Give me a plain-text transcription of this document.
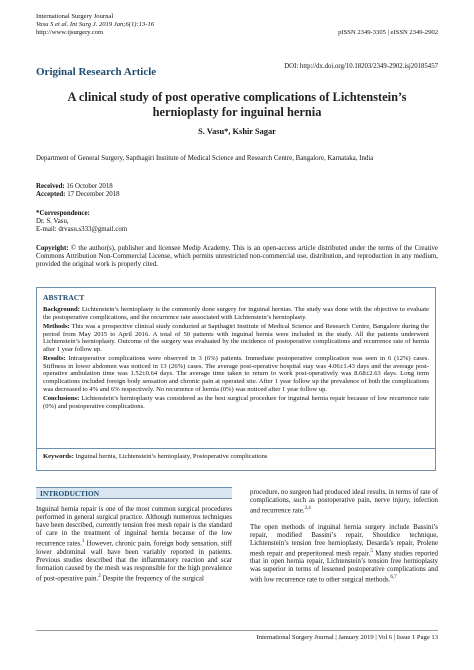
International Surgery Journal
Vasu S et al. Int Surg J. 2019 Jan;6(1):13-16
http://www.ijsurgery.com	pISSN 2349-3305 | eISSN 2349-2902
DOI: http://dx.doi.org/10.18203/2349-2902.isj20185457
Original Research Article
A clinical study of post operative complications of Lichtenstein’s hernioplasty for inguinal hernia
S. Vasu*, Kshir Sagar
Department of General Surgery, Sapthagiri Institute of Medical Science and Research Centre, Bangalore, Karnataka, India
Received: 16 October 2018
Accepted: 17 December 2018
*Correspondence:
Dr. S. Vasu,
E-mail: drvasu.s333@gmail.com
Copyright: © the author(s), publisher and licensee Medip Academy. This is an open-access article distributed under the terms of the Creative Commons Attribution Non-Commercial License, which permits unrestricted non-commercial use, distribution, and reproduction in any medium, provided the original work is properly cited.
ABSTRACT

Background: Lichtenstein’s hernioplasty is the commonly done surgery for inguinal hernias. The study was done with the objective to evaluate the postoperative complications, and the recurrence rate associated with Lichtenstein’s hernioplasty.

Methods: This was a prospective clinical study conducted at Sapthagiri Institute of Medical Science and Research Centre, Bangalore during the period from May 2015 to April 2016. A total of 50 patients with inguinal hernia were included in the study. All the patients underwent Lichtenstein’s hernioplasty. Outcome of the surgery was evaluated by the incidence of postoperative complications and recurrence rate of hernia after 1 year follow up.

Results: Intraoperative complications were observed in 3 (6%) patients. Immediate postoperative complication was seen in 6 (12%) cases. Stiffness in lower abdomen was noticed in 13 (26%) cases. The average post-operative hospital stay was 4.06±1.43 days and the average post-operative ambulation time was 1.52±0.64 days. The average time taken to return to work post-operatively was 8.68±2.63 days. Long term complications included foreign body sensation and chronic pain at operated site. After 1 year follow up the prevalence of both the complications was decreased to 4% and 6% respectively. No recurrence of hernia (0%) was noticed after 1 year follow up.

Conclusions: Lichtenstein’s hernioplasty was considered as the best surgical procedure for inguinal hernia repair because of low recurrence rate (0%) and postoperative complications.

Keywords: Inguinal hernia, Lichtenstein’s hernioplasty, Postoperative complications
INTRODUCTION

Inguinal hernia repair is one of the most common surgical procedures performed in general surgical practice. Although numerous techniques have been described, currently tension free mesh repair is the standard of care in the treatment of inguinal hernia because of the low recurrence rates.$^1$ However, chronic pain, foreign body sensation, stiff lower abdominal wall have been variably reported in patients. Previous studies described that the inflammatory reaction and scar formation caused by the mesh was responsible for the high prevalence of post-operative pain.$^2$ Despite the frequency of the surgical

procedure, no surgeon had produced ideal results, in terms of rate of complications, such as postoperative pain, nerve injury, infection and recurrence rate.$^{3,4}$

The open methods of inguinal hernia surgery include Bassini’s repair, modified Bassini’s repair, Shouldice technique, Lichtenstein’s tension free hernioplasty, Desarda’s repair, Prolene mesh repair and preperitoneal mesh repair.$^5$ Many studies reported that in open hernia repair, Lichtenstein’s tension free hernioplasty was superior in terms of lessened postoperative complications and with low recurrence rate to other surgical methods.$^{6,7}$

International Surgery Journal | January 2019 | Vol 6 | Issue 1 Page 13
